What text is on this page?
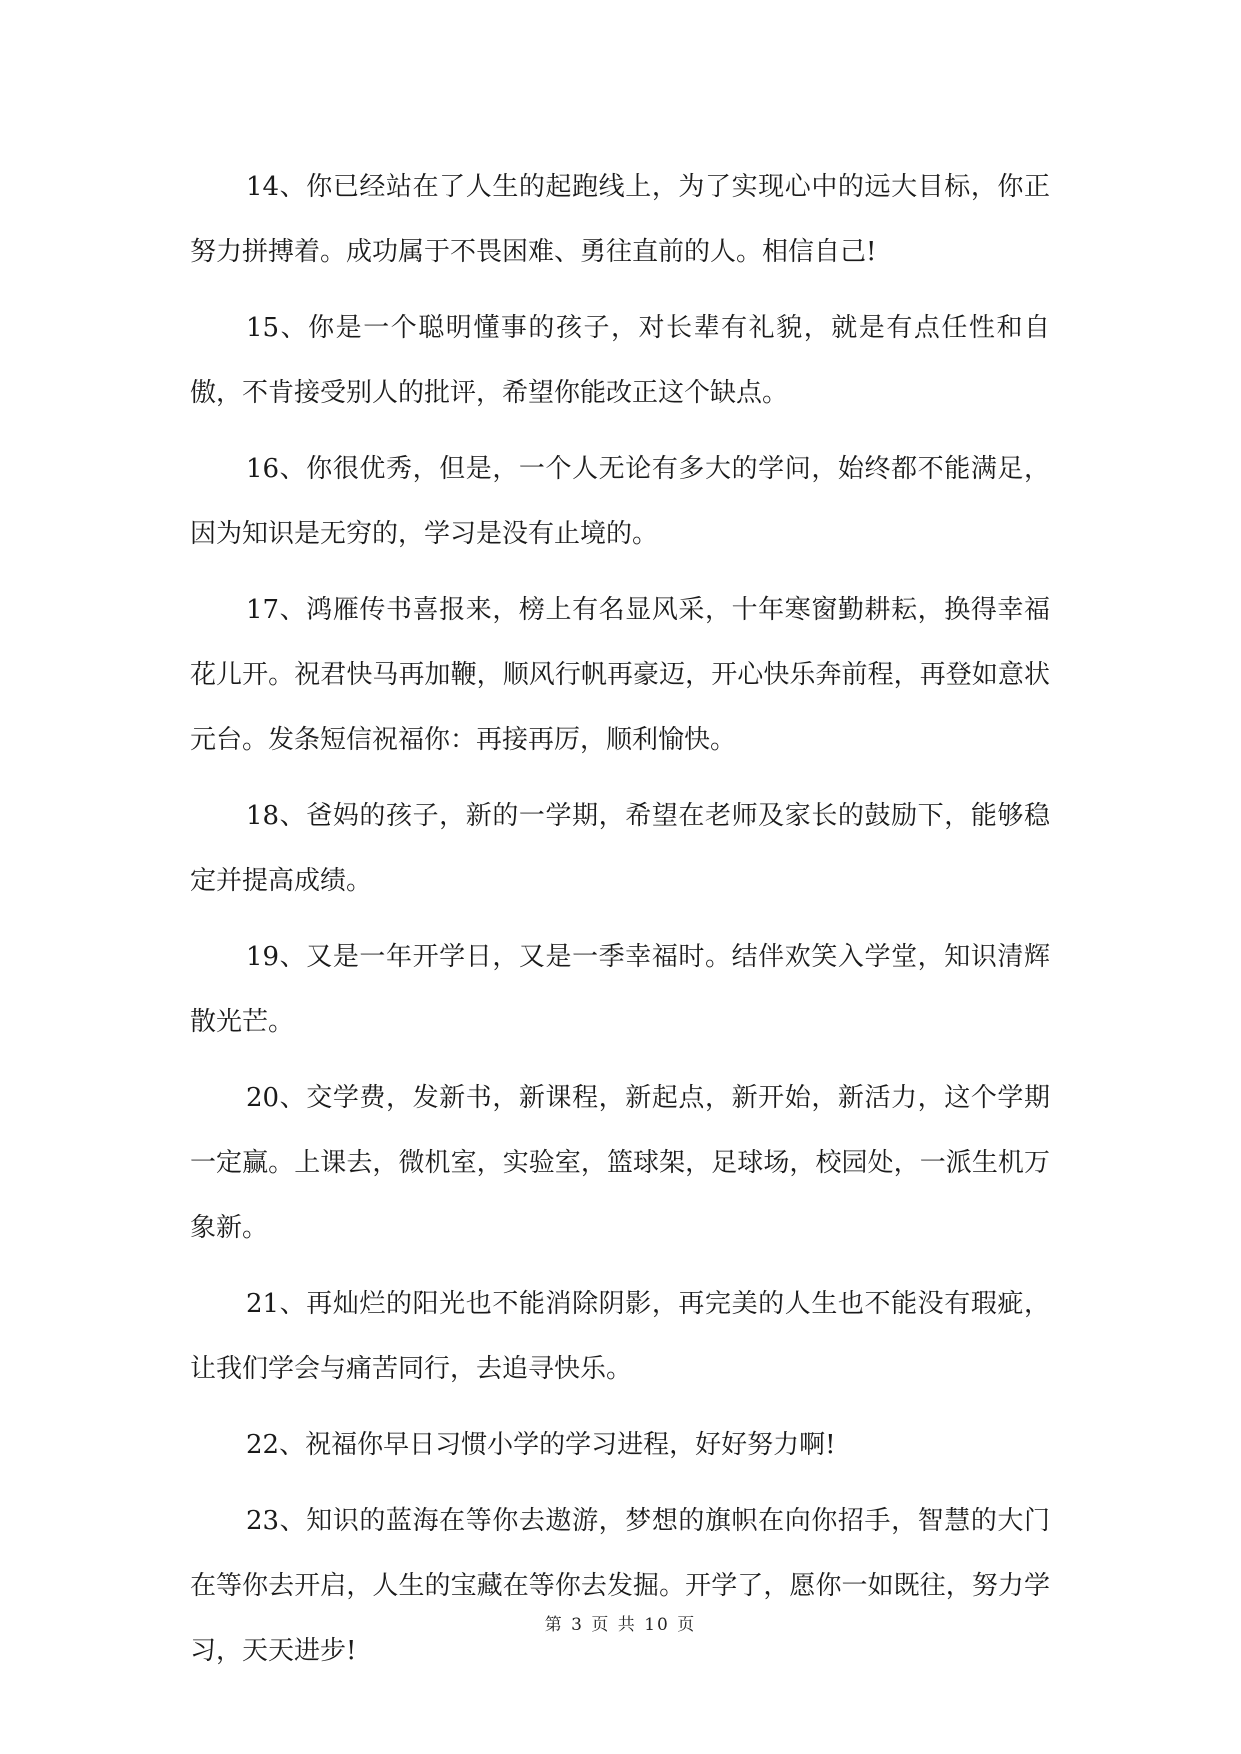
14、你已经站在了人生的起跑线上，为了实现心中的远大目标，你正努力拼搏着。成功属于不畏困难、勇往直前的人。相信自己!

15、你是一个聪明懂事的孩子，对长辈有礼貌，就是有点任性和自傲，不肯接受别人的批评，希望你能改正这个缺点。

16、你很优秀，但是，一个人无论有多大的学问，始终都不能满足，因为知识是无穷的，学习是没有止境的。

17、鸿雁传书喜报来，榜上有名显风采，十年寒窗勤耕耘，换得幸福花儿开。祝君快马再加鞭，顺风行帆再豪迈，开心快乐奔前程，再登如意状元台。发条短信祝福你：再接再厉，顺利愉快。

18、爸妈的孩子，新的一学期，希望在老师及家长的鼓励下，能够稳定并提高成绩。

19、又是一年开学日，又是一季幸福时。结伴欢笑入学堂，知识清辉散光芒。

20、交学费，发新书，新课程，新起点，新开始，新活力，这个学期一定赢。上课去，微机室，实验室，篮球架，足球场，校园处，一派生机万象新。

21、再灿烂的阳光也不能消除阴影，再完美的人生也不能没有瑕疵，让我们学会与痛苦同行，去追寻快乐。

22、祝福你早日习惯小学的学习进程，好好努力啊!

23、知识的蓝海在等你去遨游，梦想的旗帜在向你招手，智慧的大门在等你去开启，人生的宝藏在等你去发掘。开学了，愿你一如既往，努力学习，天天进步!

第 3 页 共 10 页
